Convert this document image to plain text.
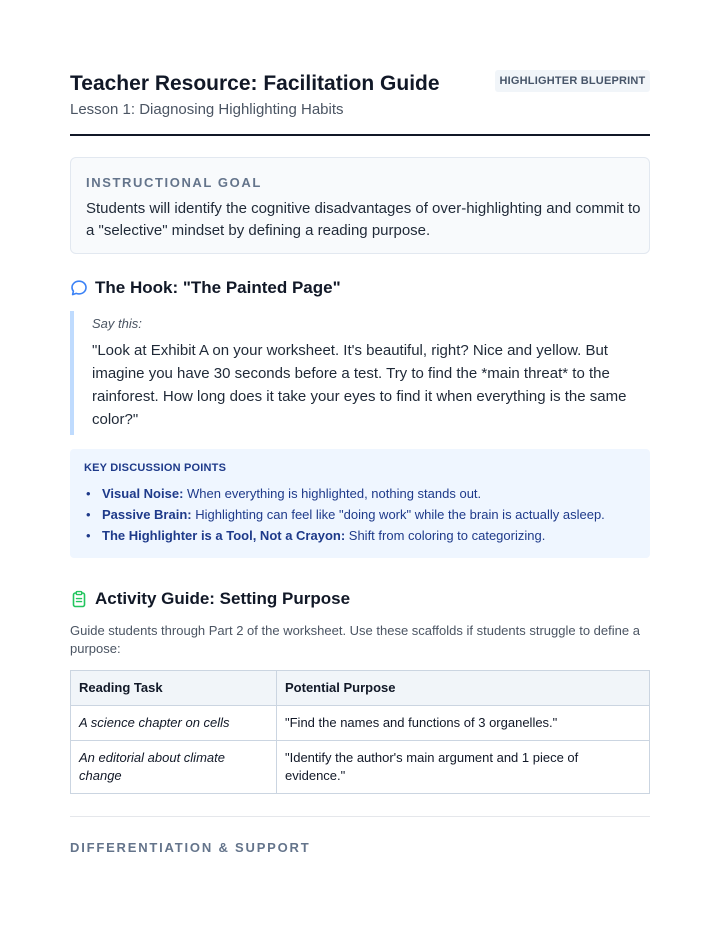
Teacher Resource: Facilitation Guide
Lesson 1: Diagnosing Highlighting Habits
HIGHLIGHTER BLUEPRINT
INSTRUCTIONAL GOAL
Students will identify the cognitive disadvantages of over-highlighting and commit to a "selective" mindset by defining a reading purpose.
The Hook: "The Painted Page"
Say this:
"Look at Exhibit A on your worksheet. It's beautiful, right? Nice and yellow. But imagine you have 30 seconds before a test. Try to find the *main threat* to the rainforest. How long does it take your eyes to find it when everything is the same color?"
KEY DISCUSSION POINTS
• Visual Noise: When everything is highlighted, nothing stands out.
• Passive Brain: Highlighting can feel like "doing work" while the brain is actually asleep.
• The Highlighter is a Tool, Not a Crayon: Shift from coloring to categorizing.
Activity Guide: Setting Purpose
Guide students through Part 2 of the worksheet. Use these scaffolds if students struggle to define a purpose:
Reading Task	Potential Purpose
A science chapter on cells	"Find the names and functions of 3 organelles."
An editorial about climate change	"Identify the author's main argument and 1 piece of evidence."
DIFFERENTIATION & SUPPORT
